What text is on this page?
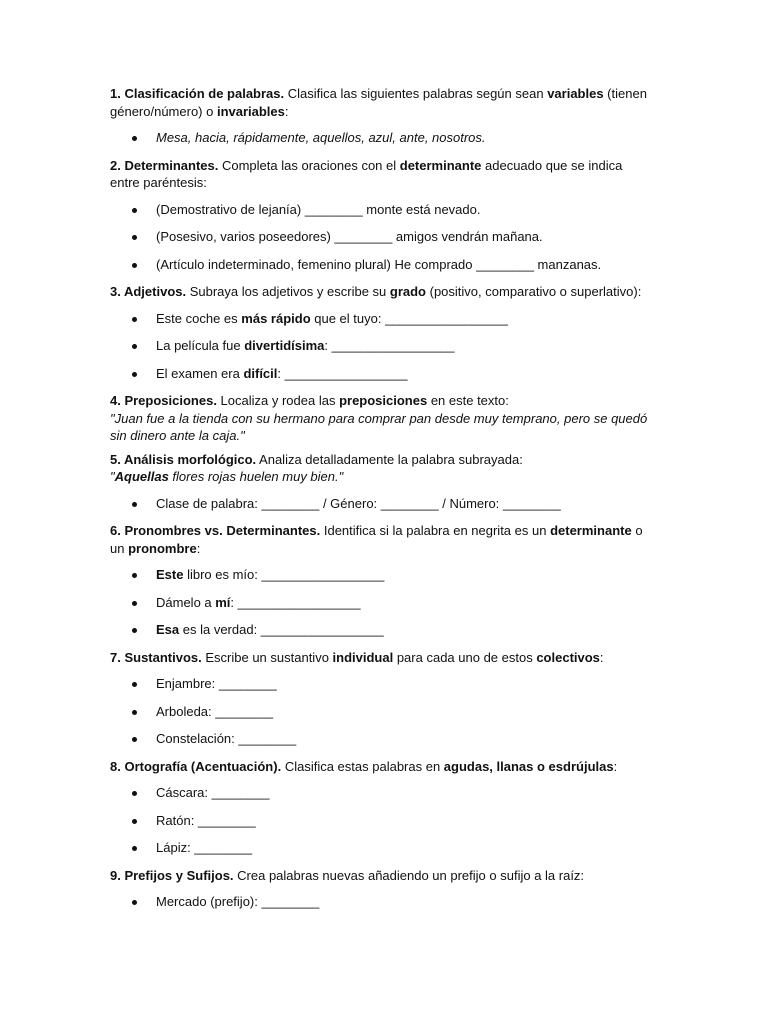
1. Clasificación de palabras. Clasifica las siguientes palabras según sean variables (tienen género/número) o invariables:

Mesa, hacia, rápidamente, aquellos, azul, ante, nosotros.

2. Determinantes. Completa las oraciones con el determinante adecuado que se indica entre paréntesis:

(Demostrativo de lejanía) ________ monte está nevado.
(Posesivo, varios poseedores) ________ amigos vendrán mañana.
(Artículo indeterminado, femenino plural) He comprado ________ manzanas.

3. Adjetivos. Subraya los adjetivos y escribe su grado (positivo, comparativo o superlativo):

Este coche es más rápido que el tuyo: _________________
La película fue divertidísima: _________________
El examen era difícil: _________________

4. Preposiciones. Localiza y rodea las preposiciones en este texto:
"Juan fue a la tienda con su hermano para comprar pan desde muy temprano, pero se quedó sin dinero ante la caja."

5. Análisis morfológico. Analiza detalladamente la palabra subrayada:
"Aquellas flores rojas huelen muy bien."

Clase de palabra: ________ / Género: ________ / Número: ________

6. Pronombres vs. Determinantes. Identifica si la palabra en negrita es un determinante o un pronombre:

Este libro es mío: _________________
Dámelo a mí: _________________
Esa es la verdad: _________________

7. Sustantivos. Escribe un sustantivo individual para cada uno de estos colectivos:

Enjambre: ________
Arboleda: ________
Constelación: ________

8. Ortografía (Acentuación). Clasifica estas palabras en agudas, llanas o esdrújulas:

Cáscara: ________
Ratón: ________
Lápiz: ________

9. Prefijos y Sufijos. Crea palabras nuevas añadiendo un prefijo o sufijo a la raíz:

Mercado (prefijo): ________
